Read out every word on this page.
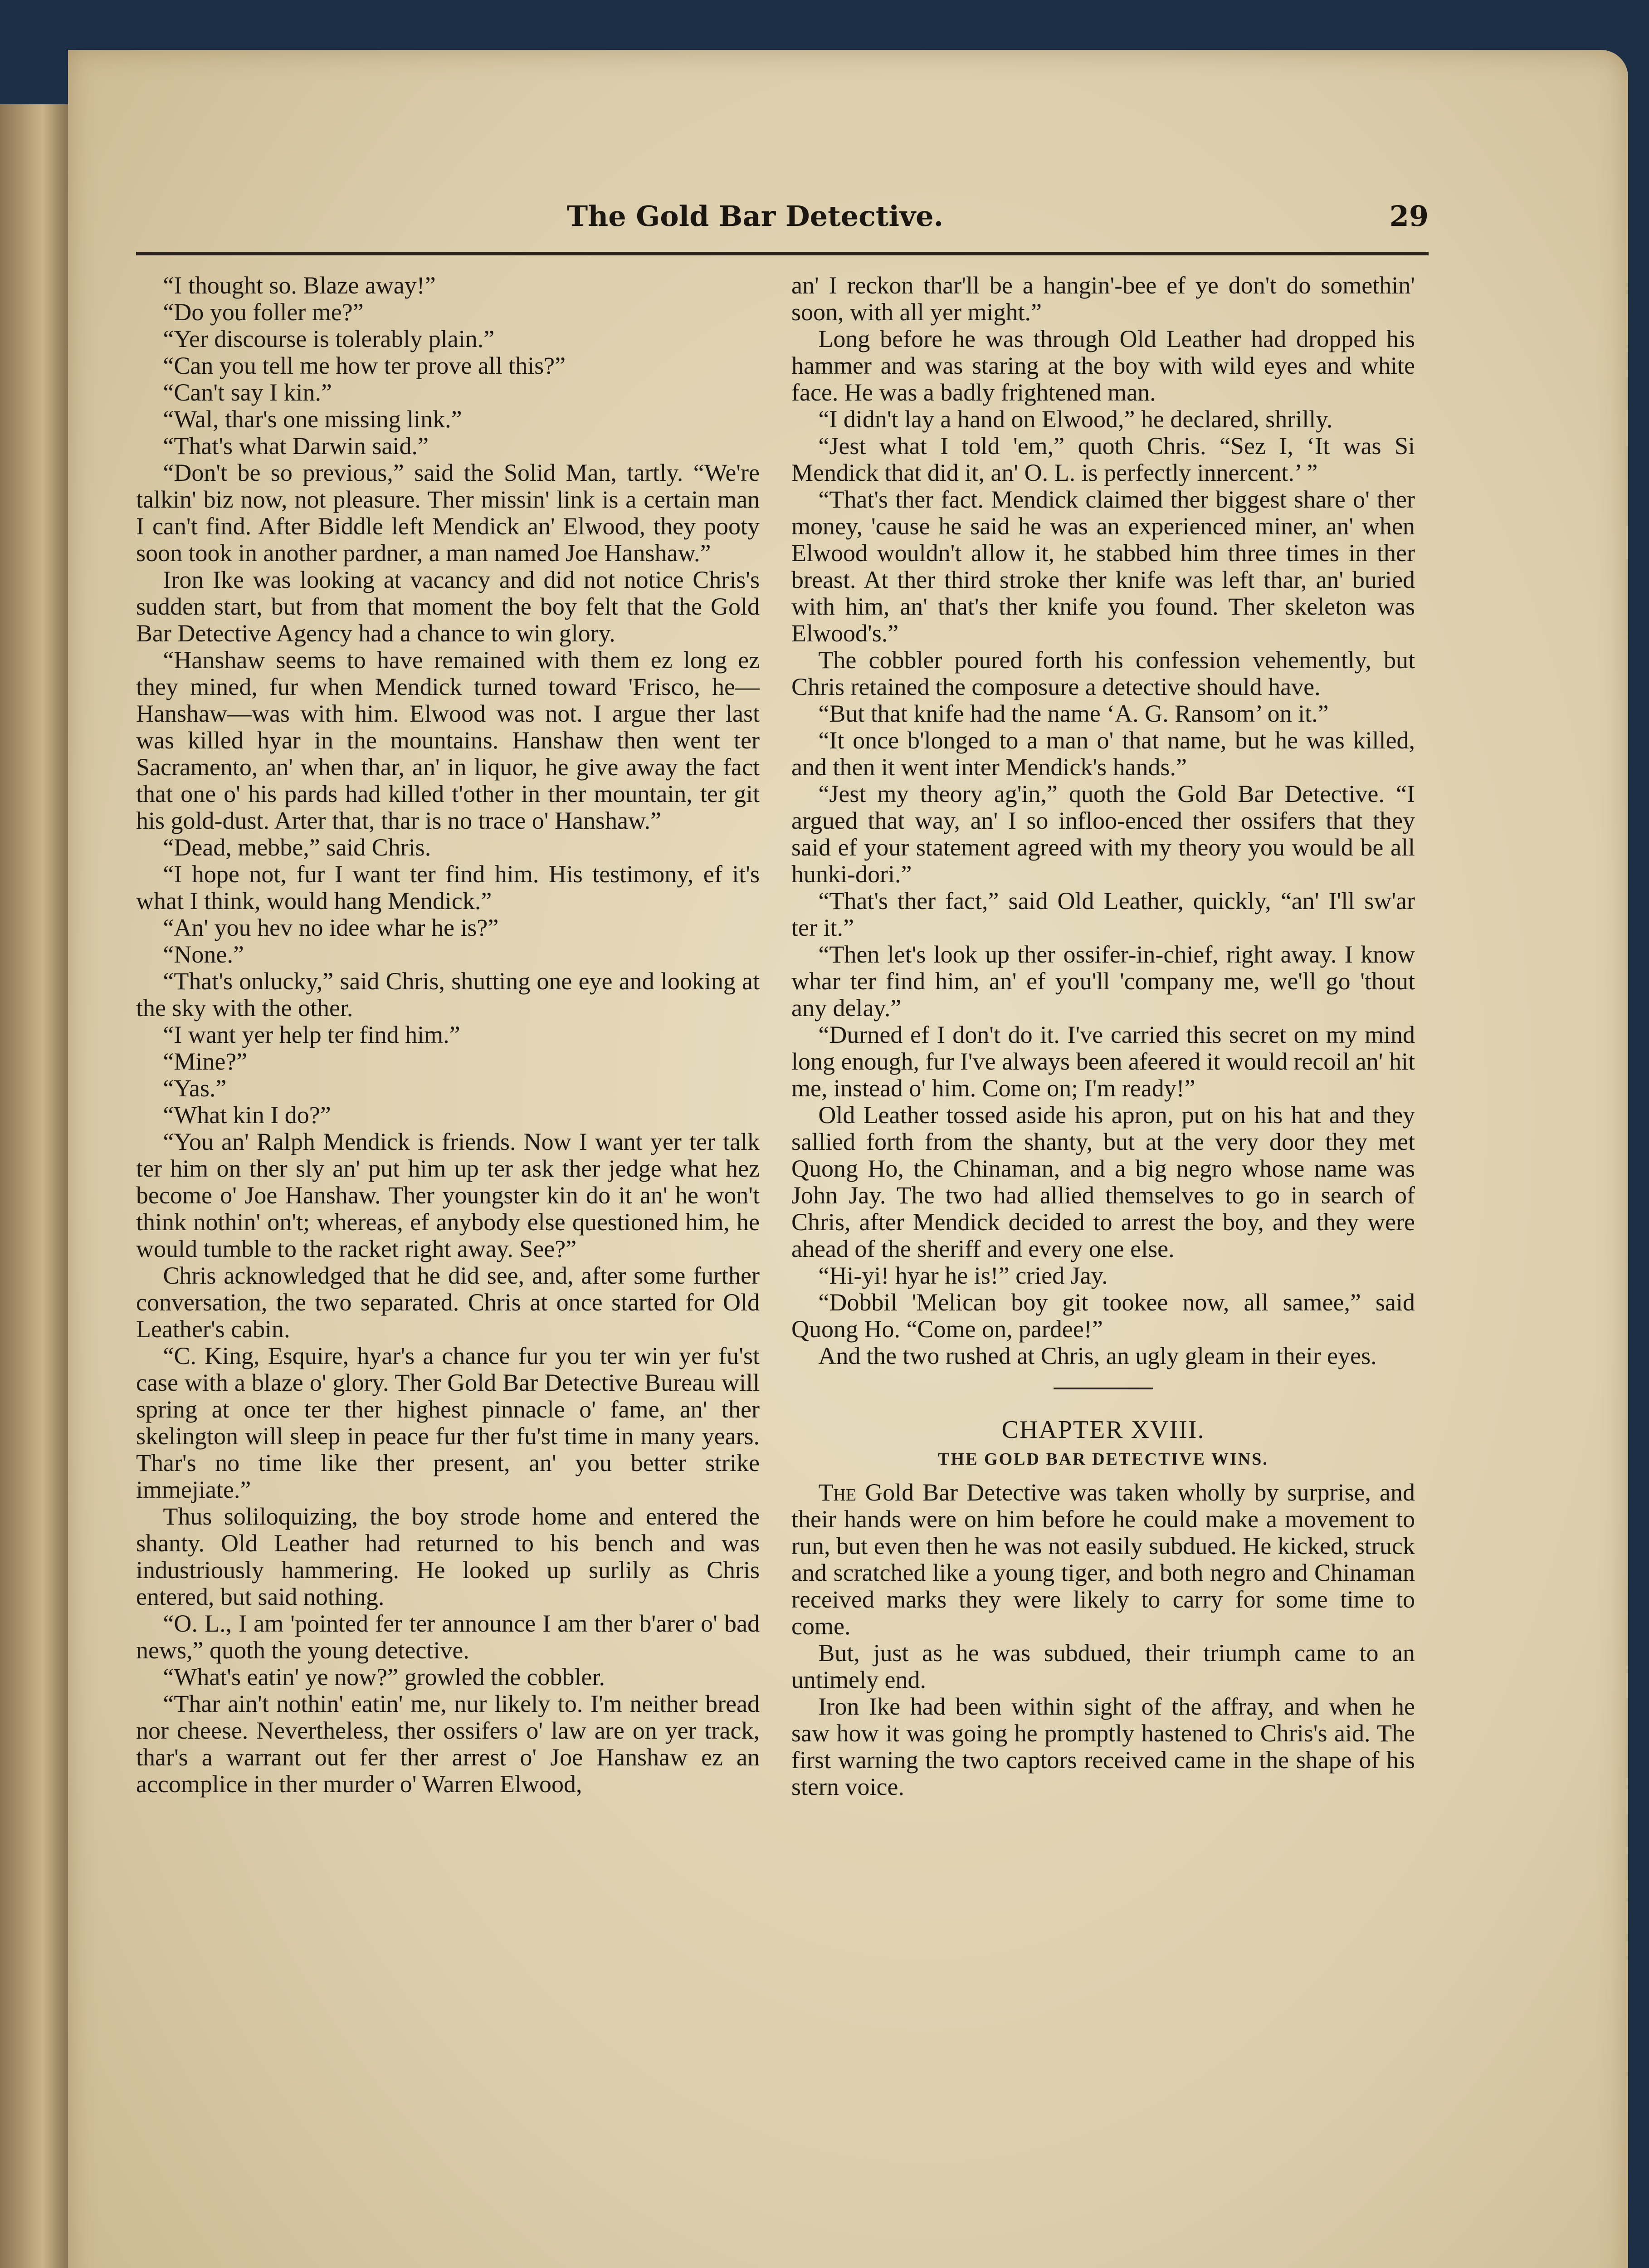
The Gold Bar Detective.	29

“I thought so. Blaze away!”

“Do you foller me?”

“Yer discourse is tolerably plain.”

“Can you tell me how ter prove all this?”

“Can't say I kin.”

“Wal, thar's one missing link.”

“That's what Darwin said.”

“Don't be so previous,” said the Solid Man, tartly. “We're talkin' biz now, not pleasure. Ther missin' link is a certain man I can't find. After Biddle left Mendick an' Elwood, they pooty soon took in another pardner, a man named Joe Hanshaw.”

Iron Ike was looking at vacancy and did not notice Chris's sudden start, but from that moment the boy felt that the Gold Bar Detective Agency had a chance to win glory.

“Hanshaw seems to have remained with them ez long ez they mined, fur when Mendick turned toward 'Frisco, he—Hanshaw—was with him. Elwood was not. I argue ther last was killed hyar in the mountains. Hanshaw then went ter Sacramento, an' when thar, an' in liquor, he give away the fact that one o' his pards had killed t'other in ther mountain, ter git his gold-dust. Arter that, thar is no trace o' Hanshaw.”

“Dead, mebbe,” said Chris.

“I hope not, fur I want ter find him. His testimony, ef it's what I think, would hang Mendick.”

“An' you hev no idee whar he is?”

“None.”

“That's onlucky,” said Chris, shutting one eye and looking at the sky with the other.

“I want yer help ter find him.”

“Mine?”

“Yas.”

“What kin I do?”

“You an' Ralph Mendick is friends. Now I want yer ter talk ter him on ther sly an' put him up ter ask ther jedge what hez become o' Joe Hanshaw. Ther youngster kin do it an' he won't think nothin' on't; whereas, ef anybody else questioned him, he would tumble to the racket right away. See?”

Chris acknowledged that he did see, and, after some further conversation, the two separated. Chris at once started for Old Leather's cabin.

“C. King, Esquire, hyar's a chance fur you ter win yer fu'st case with a blaze o' glory. Ther Gold Bar Detective Bureau will spring at once ter ther highest pinnacle o' fame, an' ther skelington will sleep in peace fur ther fu'st time in many years. Thar's no time like ther present, an' you better strike immejiate.”

Thus soliloquizing, the boy strode home and entered the shanty. Old Leather had returned to his bench and was industriously hammering. He looked up surlily as Chris entered, but said nothing.

“O. L., I am 'pointed fer ter announce I am ther b'arer o' bad news,” quoth the young detective.

“What's eatin' ye now?” growled the cobbler.

“Thar ain't nothin' eatin' me, nur likely to. I'm neither bread nor cheese. Nevertheless, ther ossifers o' law are on yer track, thar's a warrant out fer ther arrest o' Joe Hanshaw ez an accomplice in ther murder o' Warren Elwood,

an' I reckon thar'll be a hangin'-bee ef ye don't do somethin' soon, with all yer might.”

Long before he was through Old Leather had dropped his hammer and was staring at the boy with wild eyes and white face. He was a badly frightened man.

“I didn't lay a hand on Elwood,” he declared, shrilly.

“Jest what I told 'em,” quoth Chris. “Sez I, ‘It was Si Mendick that did it, an' O. L. is perfectly innercent.’ ”

“That's ther fact. Mendick claimed ther biggest share o' ther money, 'cause he said he was an experienced miner, an' when Elwood wouldn't allow it, he stabbed him three times in ther breast. At ther third stroke ther knife was left thar, an' buried with him, an' that's ther knife you found. Ther skeleton was Elwood's.”

The cobbler poured forth his confession vehemently, but Chris retained the composure a detective should have.

“But that knife had the name ‘A. G. Ransom’ on it.”

“It once b'longed to a man o' that name, but he was killed, and then it went inter Mendick's hands.”

“Jest my theory ag'in,” quoth the Gold Bar Detective. “I argued that way, an' I so infloo-enced ther ossifers that they said ef your statement agreed with my theory you would be all hunki-dori.”

“That's ther fact,” said Old Leather, quickly, “an' I'll sw'ar ter it.”

“Then let's look up ther ossifer-in-chief, right away. I know whar ter find him, an' ef you'll 'company me, we'll go 'thout any delay.”

“Durned ef I don't do it. I've carried this secret on my mind long enough, fur I've always been afeered it would recoil an' hit me, instead o' him. Come on; I'm ready!”

Old Leather tossed aside his apron, put on his hat and they sallied forth from the shanty, but at the very door they met Quong Ho, the Chinaman, and a big negro whose name was John Jay. The two had allied themselves to go in search of Chris, after Mendick decided to arrest the boy, and they were ahead of the sheriff and every one else.

“Hi-yi! hyar he is!” cried Jay.

“Dobbil 'Melican boy git tookee now, all samee,” said Quong Ho. “Come on, pardee!”

And the two rushed at Chris, an ugly gleam in their eyes.

CHAPTER XVIII.
THE GOLD BAR DETECTIVE WINS.

The Gold Bar Detective was taken wholly by surprise, and their hands were on him before he could make a movement to run, but even then he was not easily subdued. He kicked, struck and scratched like a young tiger, and both negro and Chinaman received marks they were likely to carry for some time to come.

But, just as he was subdued, their triumph came to an untimely end.

Iron Ike had been within sight of the affray, and when he saw how it was going he promptly hastened to Chris's aid. The first warning the two captors received came in the shape of his stern voice.
